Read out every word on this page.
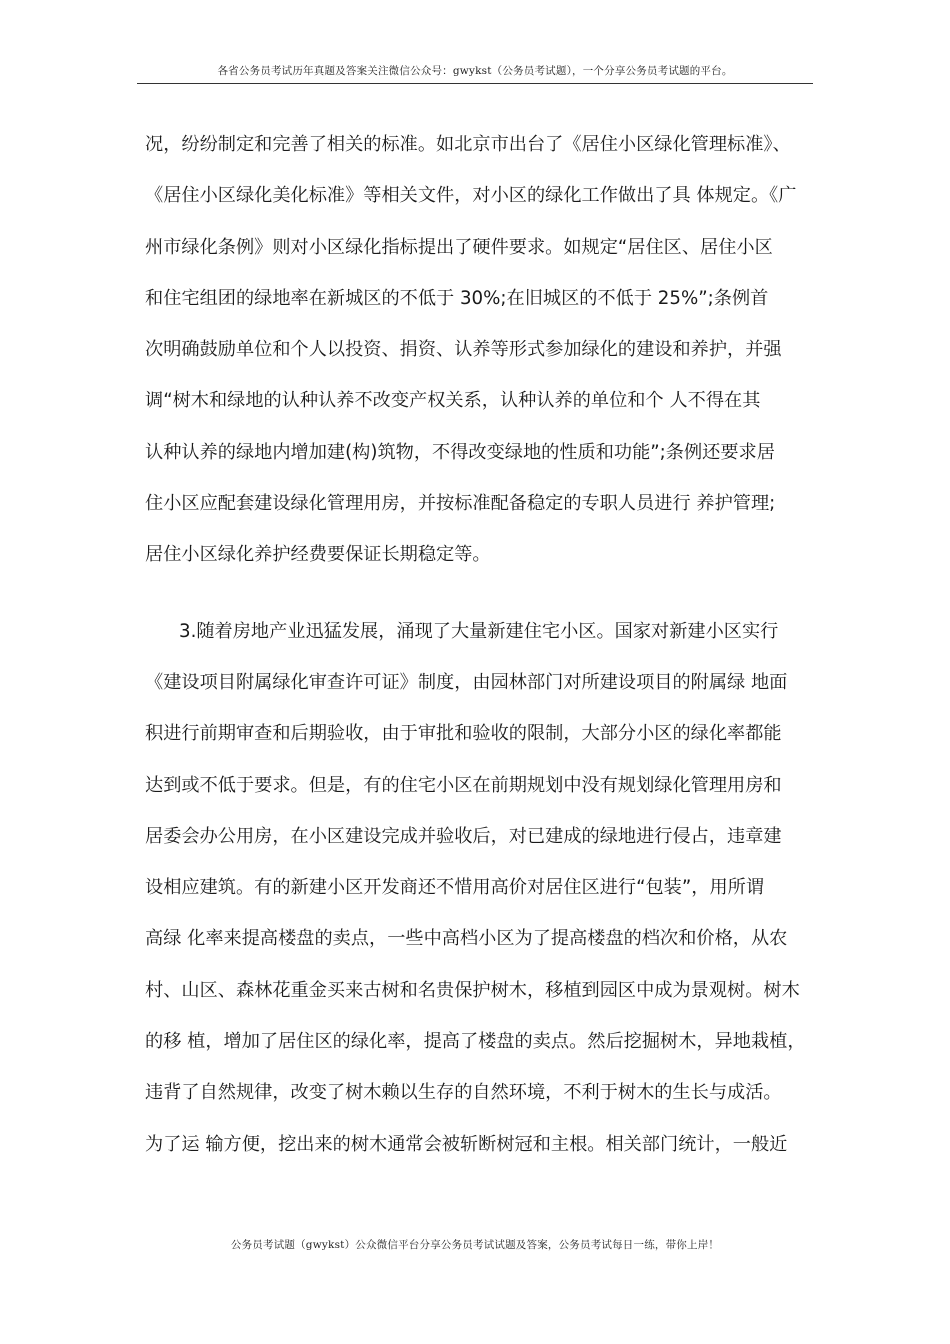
各省公务员考试历年真题及答案关注微信公众号：gwykst（公务员考试题），一个分享公务员考试题的平台。
况，纷纷制定和完善了相关的标准。如北京市出台了《居住小区绿化管理标准》、
《居住小区绿化美化标准》等相关文件，对小区的绿化工作做出了具 体规定。《广
州市绿化条例》则对小区绿化指标提出了硬件要求。如规定“居住区、居住小区
和住宅组团的绿地率在新城区的不低于 30%;在旧城区的不低于 25%”;条例首
次明确鼓励单位和个人以投资、捐资、认养等形式参加绿化的建设和养护，并强
调“树木和绿地的认种认养不改变产权关系，认种认养的单位和个 人不得在其
认种认养的绿地内增加建(构)筑物，不得改变绿地的性质和功能”;条例还要求居
住小区应配套建设绿化管理用房，并按标准配备稳定的专职人员进行 养护管理;
居住小区绿化养护经费要保证长期稳定等。
3.随着房地产业迅猛发展，涌现了大量新建住宅小区。国家对新建小区实行
《建设项目附属绿化审查许可证》制度，由园林部门对所建设项目的附属绿 地面
积进行前期审查和后期验收，由于审批和验收的限制，大部分小区的绿化率都能
达到或不低于要求。但是，有的住宅小区在前期规划中没有规划绿化管理用房和
居委会办公用房，在小区建设完成并验收后，对已建成的绿地进行侵占，违章建
设相应建筑。有的新建小区开发商还不惜用高价对居住区进行“包装”，用所谓
高绿 化率来提高楼盘的卖点，一些中高档小区为了提高楼盘的档次和价格，从农
村、山区、森林花重金买来古树和名贵保护树木，移植到园区中成为景观树。树木
的移 植，增加了居住区的绿化率，提高了楼盘的卖点。然后挖掘树木，异地栽植，
违背了自然规律，改变了树木赖以生存的自然环境，不利于树木的生长与成活。
为了运 输方便，挖出来的树木通常会被斩断树冠和主根。相关部门统计，一般近
公务员考试题（gwykst）公众微信平台分享公务员考试试题及答案，公务员考试每日一练，带你上岸！
